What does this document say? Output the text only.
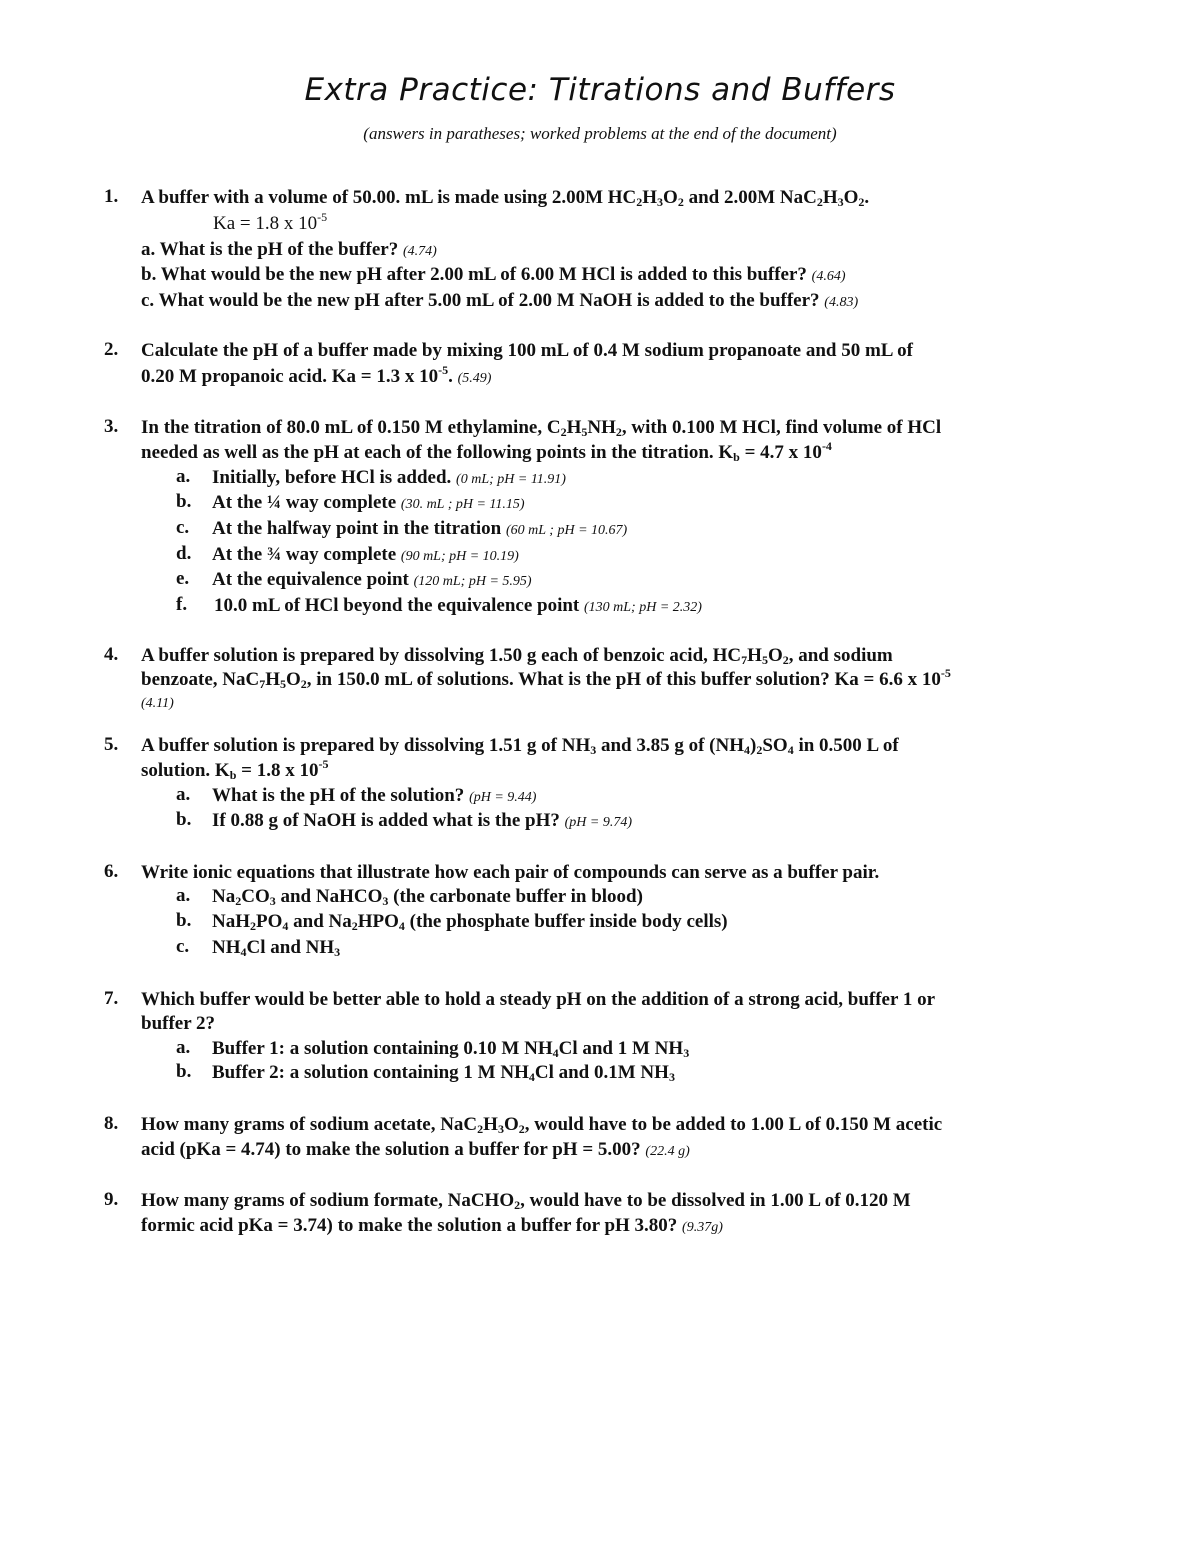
Extra Practice: Titrations and Buffers
(answers in paratheses; worked problems at the end of the document)
1. A buffer with a volume of 50.00. mL is made using 2.00M $HC_2H_3O_2$ and 2.00M $NaC_2H_3O_2$.
Ka = 1.8 x $10^{-5}$
a. What is the pH of the buffer? (4.74)
b. What would be the new pH after 2.00 mL of 6.00 M HCl is added to this buffer? (4.64)
c. What would be the new pH after 5.00 mL of 2.00 M NaOH is added to the buffer? (4.83)
2. Calculate the pH of a buffer made by mixing 100 mL of 0.4 M sodium propanoate and 50 mL of
0.20 M propanoic acid. Ka = 1.3 x $10^{-5}$. (5.49)
3. In the titration of 80.0 mL of 0.150 M ethylamine, $C_2H_5NH_2$, with 0.100 M HCl, find volume of HCl
needed as well as the pH at each of the following points in the titration. $K_b = 4.7$ x $10^{-4}$
a. Initially, before HCl is added. (0 mL; pH = 11.91)
b. At the ¼ way complete (30. mL ; pH = 11.15)
c. At the halfway point in the titration (60 mL ; pH = 10.67)
d. At the ¾ way complete (90 mL; pH = 10.19)
e. At the equivalence point (120 mL; pH = 5.95)
f. 10.0 mL of HCl beyond the equivalence point (130 mL; pH = 2.32)
4. A buffer solution is prepared by dissolving 1.50 g each of benzoic acid, $HC_7H_5O_2$, and sodium
benzoate, $NaC_7H_5O_2$, in 150.0 mL of solutions. What is the pH of this buffer solution? Ka = 6.6 x $10^{-5}$
(4.11)
5. A buffer solution is prepared by dissolving 1.51 g of $NH_3$ and 3.85 g of $(NH_4)_2SO_4$ in 0.500 L of
solution. $K_b = 1.8$ x $10^{-5}$
a. What is the pH of the solution? (pH = 9.44)
b. If 0.88 g of NaOH is added what is the pH? (pH = 9.74)
6. Write ionic equations that illustrate how each pair of compounds can serve as a buffer pair.
a. $Na_2CO_3$ and NaHCO$_3$ (the carbonate buffer in blood)
b. $NaH_2PO_4$ and $Na_2HPO_4$ (the phosphate buffer inside body cells)
c. $NH_4Cl$ and $NH_3$
7. Which buffer would be better able to hold a steady pH on the addition of a strong acid, buffer 1 or
buffer 2?
a. Buffer 1: a solution containing 0.10 M $NH_4Cl$ and 1 M $NH_3$
b. Buffer 2: a solution containing 1 M $NH_4Cl$ and 0.1M $NH_3$
8. How many grams of sodium acetate, $NaC_2H_3O_2$, would have to be added to 1.00 L of 0.150 M acetic
acid (pKa = 4.74) to make the solution a buffer for pH = 5.00? (22.4 g)
9. How many grams of sodium formate, NaCHO$_2$, would have to be dissolved in 1.00 L of 0.120 M
formic acid pKa = 3.74) to make the solution a buffer for pH 3.80? (9.37g)
